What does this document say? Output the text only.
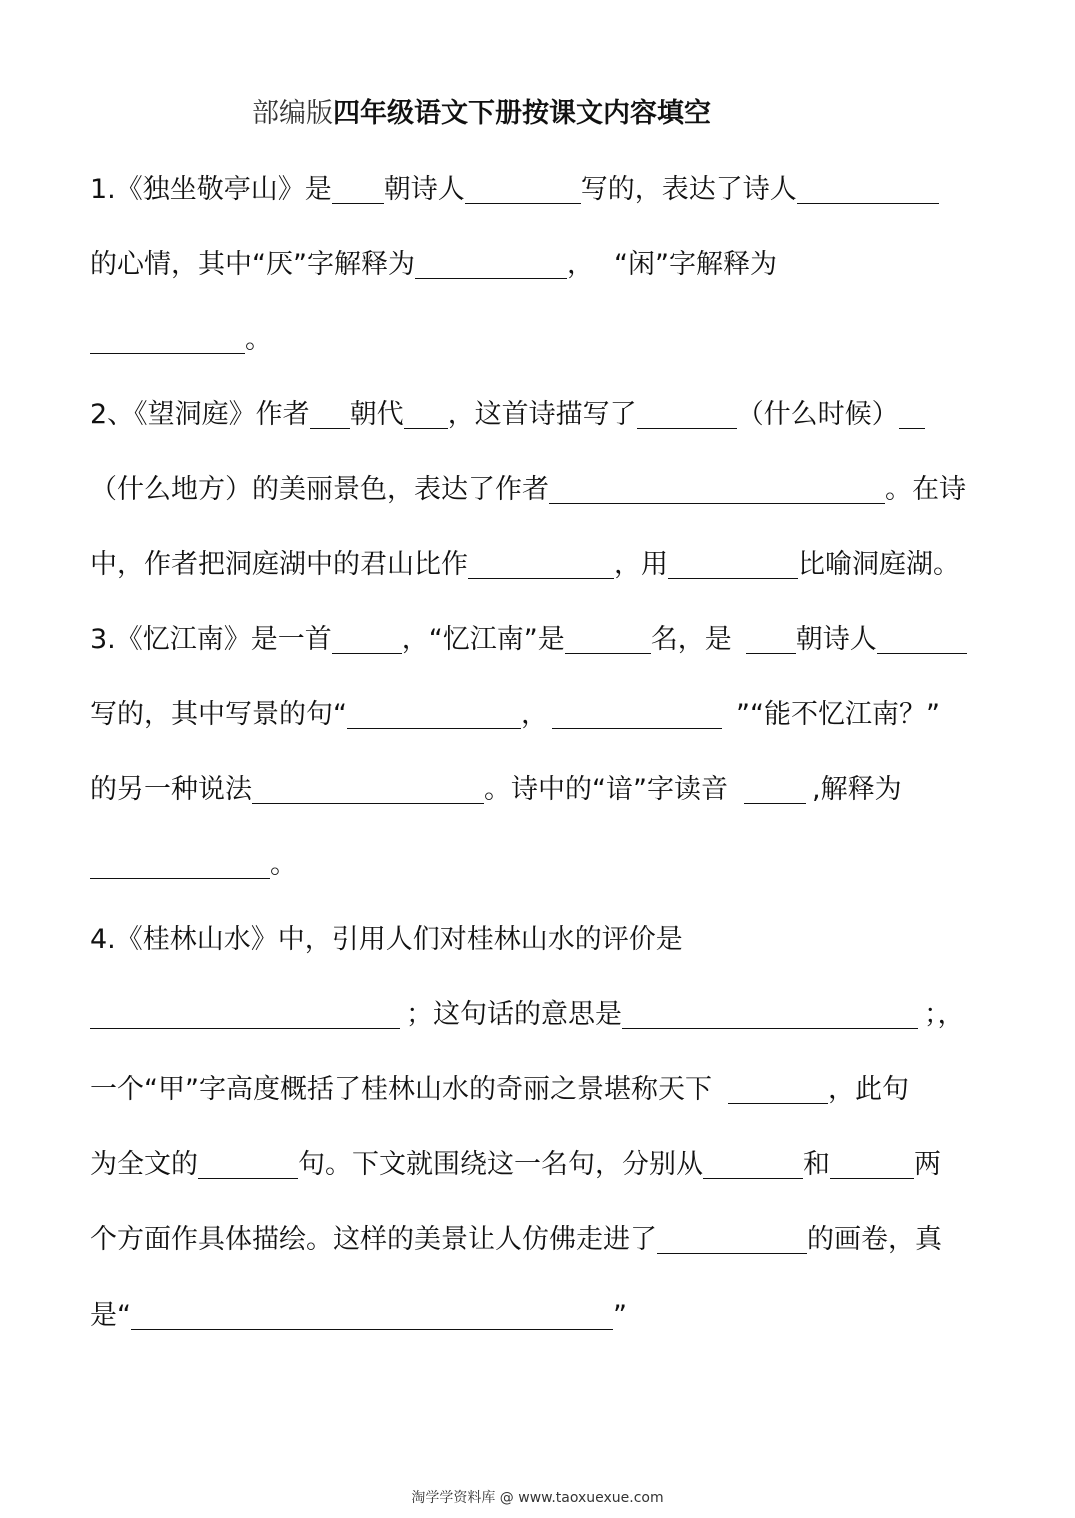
部编版四年级语文下册按课文内容填空
1.《独坐敬亭山》是 朝诗人	写的，表达了诗人
的心情，其中“厌”字解释为	， “闲”字解释为
。
2、《望洞庭》作者 朝代 ，这首诗描写了	（什么时候）
（什么地方）的美丽景色，表达了作者	。在诗
中，作者把洞庭湖中的君山比作	，用	比喻洞庭湖。
3.《忆江南》是一首	，“忆江南”是	名，是 朝诗人
写的，其中写景的句“	，	”“能不忆江南？”
的另一种说法	。诗中的“谙”字读音	,解释为
。
4.《桂林山水》中，引用人们对桂林山水的评价是
；这句话的意思是	；，
一个“甲”字高度概括了桂林山水的奇丽之景堪称天下	，此句
为全文的	句。下文就围绕这一名句，分别从	和	两
个方面作具体描绘。这样的美景让人仿佛走进了	的画卷，真
是“	”
淘学学资料库 @ www.taoxuexue.com
